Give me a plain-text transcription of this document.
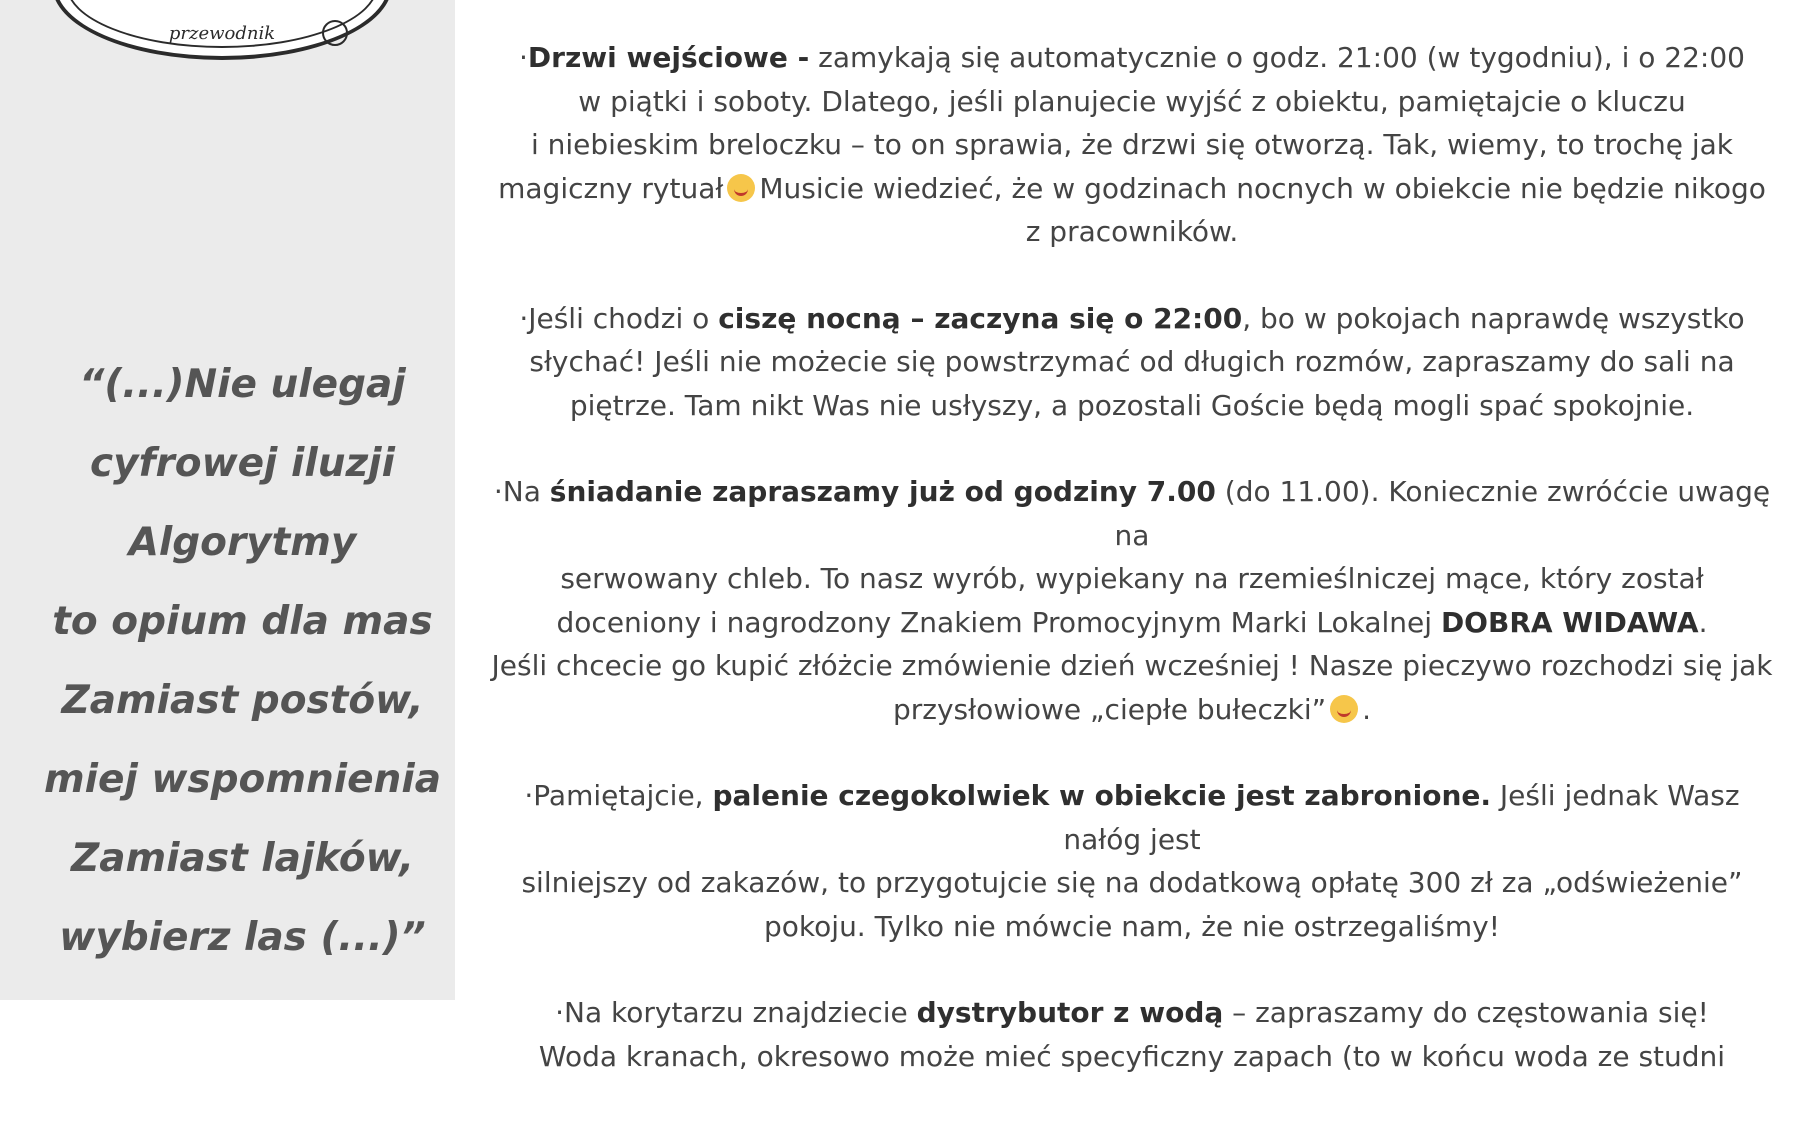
przewodnik
“(...)Nie ulegaj
cyfrowej iluzji
Algorytmy
to opium dla mas
Zamiast postów,
miej wspomnienia
Zamiast lajków,
wybierz las (...)”

·Drzwi wejściowe - zamykają się automatycznie o godz. 21:00 (w tygodniu), i o 22:00
w piątki i soboty. Dlatego, jeśli planujecie wyjść z obiektu, pamiętajcie o kluczu
i niebieskim breloczku – to on sprawia, że drzwi się otworzą. Tak, wiemy, to trochę jak
magiczny rytuał Musicie wiedzieć, że w godzinach nocnych w obiekcie nie będzie nikogo
z pracowników.

·Jeśli chodzi o ciszę nocną – zaczyna się o 22:00, bo w pokojach naprawdę wszystko
słychać! Jeśli nie możecie się powstrzymać od długich rozmów, zapraszamy do sali na
piętrze. Tam nikt Was nie usłyszy, a pozostali Goście będą mogli spać spokojnie.

·Na śniadanie zapraszamy już od godziny 7.00 (do 11.00). Koniecznie zwróćcie uwagę na
serwowany chleb. To nasz wyrób, wypiekany na rzemieślniczej mące, który został
doceniony i nagrodzony Znakiem Promocyjnym Marki Lokalnej DOBRA WIDAWA.
Jeśli chcecie go kupić złóżcie zmówienie dzień wcześniej ! Nasze pieczywo rozchodzi się jak
przysłowiowe „ciepłe bułeczki” .

·Pamiętajcie, palenie czegokolwiek w obiekcie jest zabronione. Jeśli jednak Wasz nałóg jest
silniejszy od zakazów, to przygotujcie się na dodatkową opłatę 300 zł za „odświeżenie”
pokoju. Tylko nie mówcie nam, że nie ostrzegaliśmy!

·Na korytarzu znajdziecie dystrybutor z wodą – zapraszamy do częstowania się!
Woda kranach, okresowo może mieć specyficzny zapach (to w końcu woda ze studni
